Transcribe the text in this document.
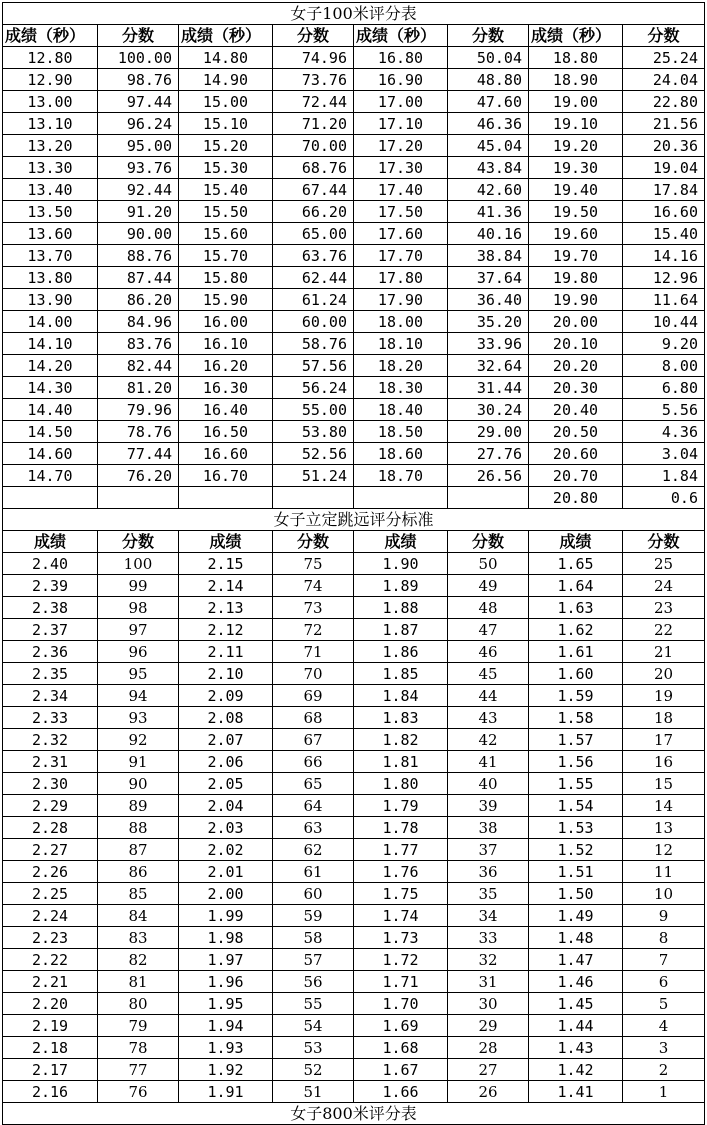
女子100米评分表							
成绩（秒）	分数	成绩（秒）	分数	成绩（秒）	分数	成绩（秒）	分数
12.80	100.00	14.80	74.96	16.80	50.04	18.80	25.24
12.90	98.76	14.90	73.76	16.90	48.80	18.90	24.04
13.00	97.44	15.00	72.44	17.00	47.60	19.00	22.80
13.10	96.24	15.10	71.20	17.10	46.36	19.10	21.56
13.20	95.00	15.20	70.00	17.20	45.04	19.20	20.36
13.30	93.76	15.30	68.76	17.30	43.84	19.30	19.04
13.40	92.44	15.40	67.44	17.40	42.60	19.40	17.84
13.50	91.20	15.50	66.20	17.50	41.36	19.50	16.60
13.60	90.00	15.60	65.00	17.60	40.16	19.60	15.40
13.70	88.76	15.70	63.76	17.70	38.84	19.70	14.16
13.80	87.44	15.80	62.44	17.80	37.64	19.80	12.96
13.90	86.20	15.90	61.24	17.90	36.40	19.90	11.64
14.00	84.96	16.00	60.00	18.00	35.20	20.00	10.44
14.10	83.76	16.10	58.76	18.10	33.96	20.10	9.20
14.20	82.44	16.20	57.56	18.20	32.64	20.20	8.00
14.30	81.20	16.30	56.24	18.30	31.44	20.30	6.80
14.40	79.96	16.40	55.00	18.40	30.24	20.40	5.56
14.50	78.76	16.50	53.80	18.50	29.00	20.50	4.36
14.60	77.44	16.60	52.56	18.60	27.76	20.60	3.04
14.70	76.20	16.70	51.24	18.70	26.56	20.70	1.84
						20.80	0.6
女子立定跳远评分标准							
成绩	分数	成绩	分数	成绩	分数	成绩	分数
2.40	100	2.15	75	1.90	50	1.65	25
2.39	99	2.14	74	1.89	49	1.64	24
2.38	98	2.13	73	1.88	48	1.63	23
2.37	97	2.12	72	1.87	47	1.62	22
2.36	96	2.11	71	1.86	46	1.61	21
2.35	95	2.10	70	1.85	45	1.60	20
2.34	94	2.09	69	1.84	44	1.59	19
2.33	93	2.08	68	1.83	43	1.58	18
2.32	92	2.07	67	1.82	42	1.57	17
2.31	91	2.06	66	1.81	41	1.56	16
2.30	90	2.05	65	1.80	40	1.55	15
2.29	89	2.04	64	1.79	39	1.54	14
2.28	88	2.03	63	1.78	38	1.53	13
2.27	87	2.02	62	1.77	37	1.52	12
2.26	86	2.01	61	1.76	36	1.51	11
2.25	85	2.00	60	1.75	35	1.50	10
2.24	84	1.99	59	1.74	34	1.49	9
2.23	83	1.98	58	1.73	33	1.48	8
2.22	82	1.97	57	1.72	32	1.47	7
2.21	81	1.96	56	1.71	31	1.46	6
2.20	80	1.95	55	1.70	30	1.45	5
2.19	79	1.94	54	1.69	29	1.44	4
2.18	78	1.93	53	1.68	28	1.43	3
2.17	77	1.92	52	1.67	27	1.42	2
2.16	76	1.91	51	1.66	26	1.41	1
女子800米评分表							
